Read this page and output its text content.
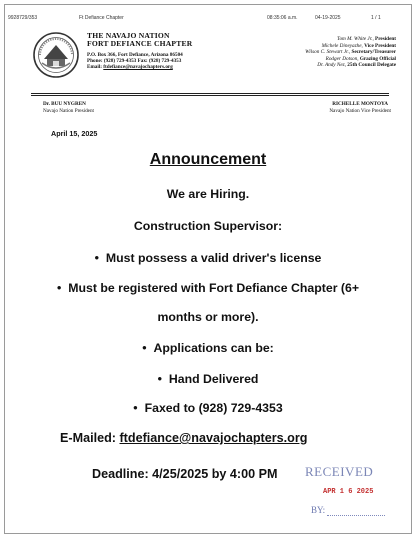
9928729/353	Ft Defiance Chapter	08:35:06 a.m.	04-19-2025	1 / 1
THE NAVAJO NATION
FORT DEFIANCE CHAPTER
P.O. Box 366, Fort Defiance, Arizona 86504
Phone: (928) 729-4353 Fax: (928) 729-4353
Email: ftdefiance@navajochapters.org
Tom M. White Jr., President
Michele Dineyazhe, Vice President
Wilson C. Stewart Jr., Secretary/Treasurer
Rodger Dotson, Grazing Official
Dr. Andy Nez, 25th Council Delegate
Dr. BUU NYGREN
Navajo Nation President
RICHELLE MONTOYA
Navajo Nation Vice President
April 15, 2025
Announcement
We are Hiring.
Construction Supervisor:
• Must possess a valid driver's license
• Must be registered with Fort Defiance Chapter (6+
months or more).
• Applications can be:
• Hand Delivered
• Faxed to (928) 729-4353
E-Mailed: ftdefiance@navajochapters.org
Deadline: 4/25/2025 by 4:00 PM RECEIVED
APR 1 6 2025
BY:
